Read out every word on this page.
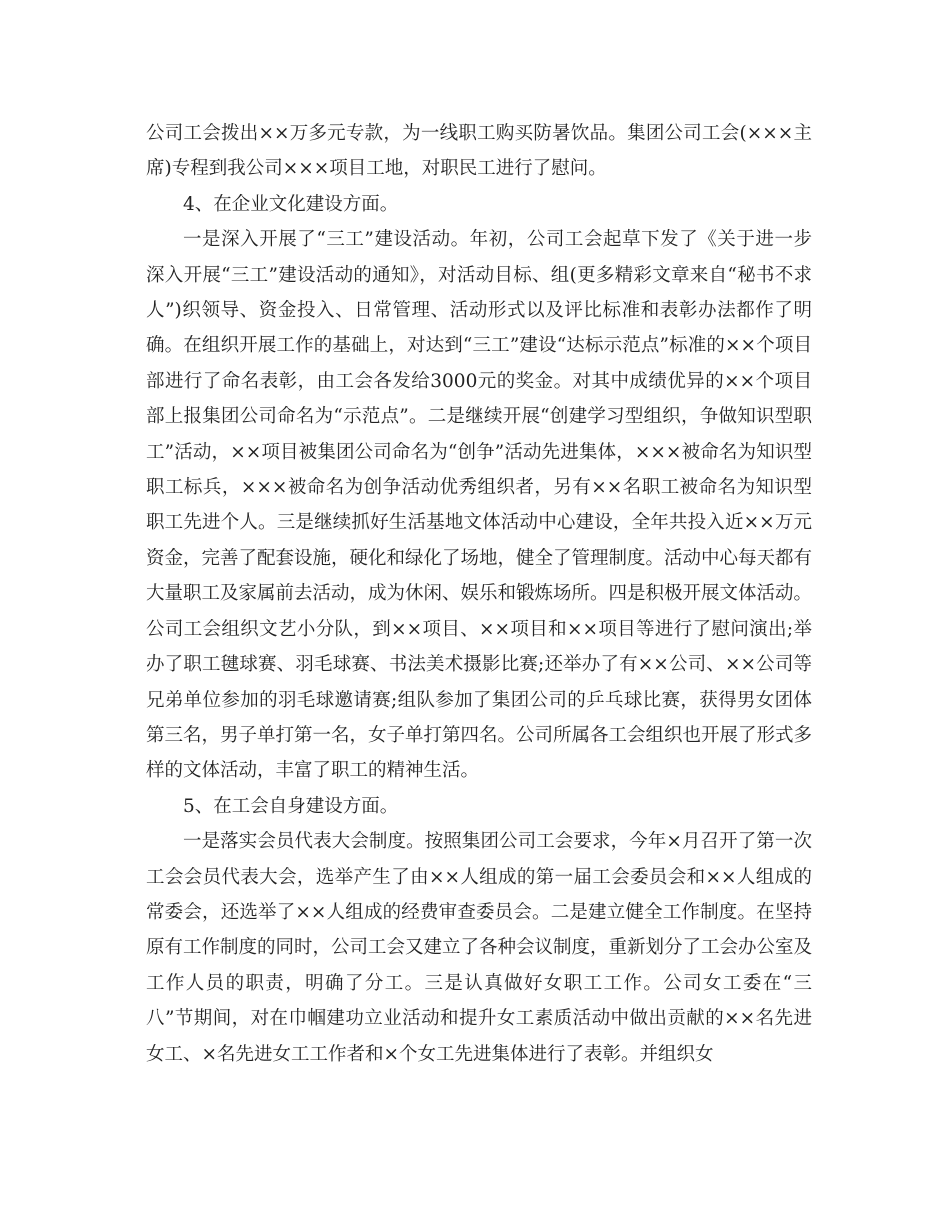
公司工会拨出××万多元专款，为一线职工购买防暑饮品。集团公司工会(×××主席)专程到我公司×××项目工地，对职民工进行了慰问。

4、在企业文化建设方面。

一是深入开展了“三工”建设活动。年初，公司工会起草下发了《关于进一步深入开展“三工”建设活动的通知》，对活动目标、组(更多精彩文章来自“秘书不求人”)织领导、资金投入、日常管理、活动形式以及评比标准和表彰办法都作了明确。在组织开展工作的基础上，对达到“三工”建设“达标示范点”标准的××个项目部进行了命名表彰，由工会各发给3000元的奖金。对其中成绩优异的××个项目部上报集团公司命名为“示范点”。二是继续开展“创建学习型组织，争做知识型职工”活动，××项目被集团公司命名为“创争”活动先进集体，×××被命名为知识型职工标兵，×××被命名为创争活动优秀组织者，另有××名职工被命名为知识型职工先进个人。三是继续抓好生活基地文体活动中心建设，全年共投入近××万元资金，完善了配套设施，硬化和绿化了场地，健全了管理制度。活动中心每天都有大量职工及家属前去活动，成为休闲、娱乐和锻炼场所。四是积极开展文体活动。公司工会组织文艺小分队，到××项目、××项目和××项目等进行了慰问演出;举办了职工毽球赛、羽毛球赛、书法美术摄影比赛;还举办了有××公司、××公司等兄弟单位参加的羽毛球邀请赛;组队参加了集团公司的乒乓球比赛，获得男女团体第三名，男子单打第一名，女子单打第四名。公司所属各工会组织也开展了形式多样的文体活动，丰富了职工的精神生活。

5、在工会自身建设方面。

一是落实会员代表大会制度。按照集团公司工会要求，今年×月召开了第一次工会会员代表大会，选举产生了由××人组成的第一届工会委员会和××人组成的常委会，还选举了××人组成的经费审查委员会。二是建立健全工作制度。在坚持原有工作制度的同时，公司工会又建立了各种会议制度，重新划分了工会办公室及工作人员的职责，明确了分工。三是认真做好女职工工作。公司女工委在“三八”节期间，对在巾帼建功立业活动和提升女工素质活动中做出贡献的××名先进女工、×名先进女工工作者和×个女工先进集体进行了表彰。并组织女
